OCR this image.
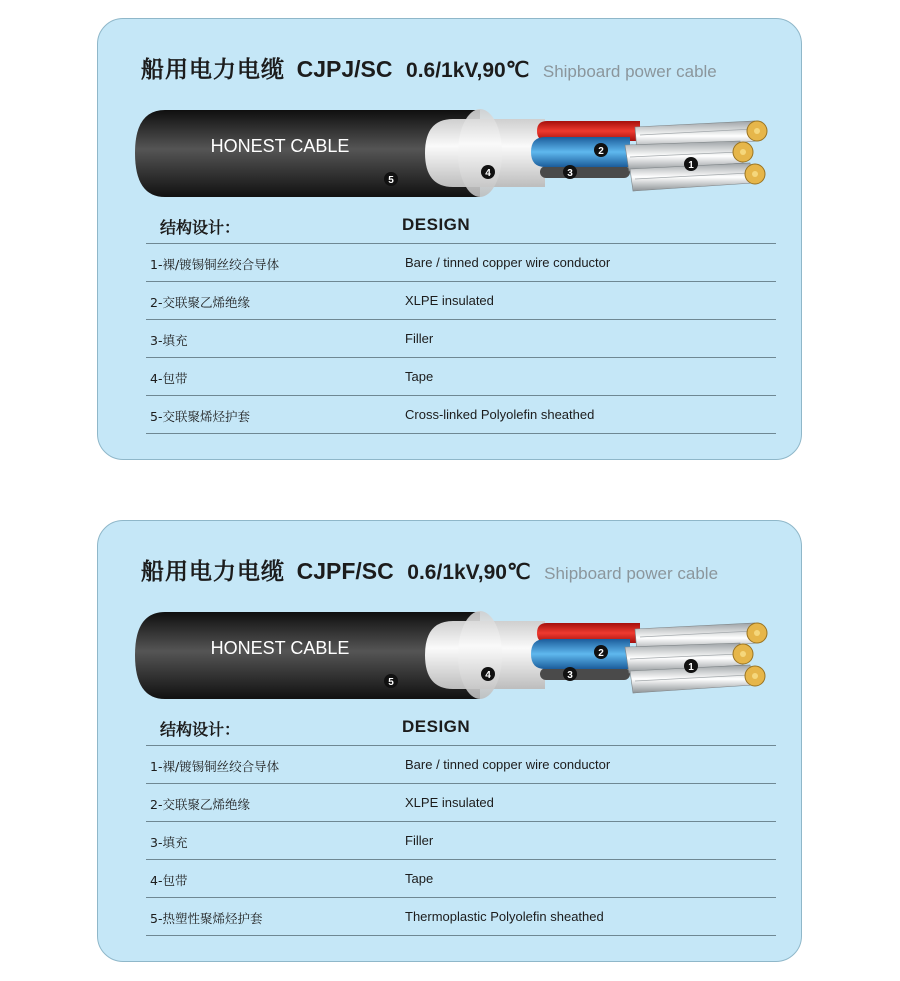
船用电力电缆 CJPJ/SC 0.6/1kV,90℃ Shipboard power cable
HONEST CABLE
1
2
3
4
5
结构设计：	DESIGN
1-裸/镀锡铜丝绞合导体	Bare / tinned copper wire conductor
2-交联聚乙烯绝缘	XLPE insulated
3-填充	Filler
4-包带	Tape
5-交联聚烯烃护套	Cross-linked Polyolefin sheathed
船用电力电缆 CJPF/SC 0.6/1kV,90℃ Shipboard power cable
HONEST CABLE
1
2
3
4
5
结构设计：	DESIGN
1-裸/镀锡铜丝绞合导体	Bare / tinned copper wire conductor
2-交联聚乙烯绝缘	XLPE insulated
3-填充	Filler
4-包带	Tape
5-热塑性聚烯烃护套	Thermoplastic Polyolefin sheathed
